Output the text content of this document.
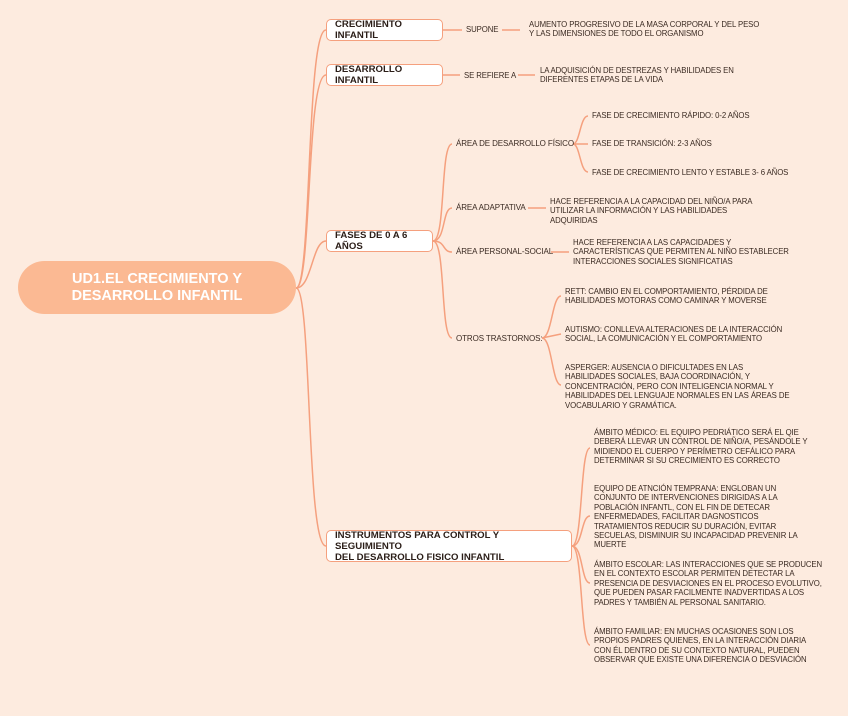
UD1.EL CRECIMIENTO Y DESARROLLO INFANTIL
CRECIMIENTO INFANTIL
SUPONE
AUMENTO PROGRESIVO DE LA MASA CORPORAL Y DEL PESO
Y LAS DIMENSIONES DE TODO EL ORGANISMO
DESARROLLO INFANTIL	SE REFIERE A
LA ADQUISICIÓN DE DESTREZAS Y HABILIDADES EN
DIFERENTES ETAPAS DE LA VIDA
FASES DE 0 A 6 AÑOS
ÁREA DE DESARROLLO FÍSICO
FASE DE CRECIMIENTO RÁPIDO: 0-2 AÑOS
FASE DE TRANSICIÓN: 2-3 AÑOS
FASE DE CRECIMIENTO LENTO Y ESTABLE 3- 6 AÑOS
ÁREA ADAPTATIVA
HACE REFERENCIA A LA CAPACIDAD DEL NIÑO/A PARA
UTILIZAR LA INFORMACIÓN Y LAS HABILIDADES
ADQUIRIDAS
ÁREA PERSONAL-SOCIAL
HACE REFERENCIA A LAS CAPACIDADES Y
CARACTERÍSTICAS QUE PERMITEN AL NIÑO ESTABLECER
INTERACCIONES SOCIALES SIGNIFICATIAS
OTROS TRASTORNOS:
RETT: CAMBIO EN EL COMPORTAMIENTO, PÉRDIDA DE
HABILIDADES MOTORAS COMO CAMINAR Y MOVERSE
AUTISMO: CONLLEVA ALTERACIONES DE LA INTERACCIÓN
SOCIAL, LA COMUNICACIÓN Y EL COMPORTAMIENTO
ASPERGER: AUSENCIA O DIFICULTADES EN LAS
HABILIDADES SOCIALES, BAJA COORDINACIÓN, Y
CONCENTRACIÓN, PERO CON INTELIGENCIA NORMAL Y
HABILIDADES DEL LENGUAJE NORMALES EN LAS ÁREAS DE
VOCABULARIO Y GRAMÁTICA.
INSTRUMENTOS PARA CONTROL Y SEGUIMIENTO
DEL DESARROLLO FISICO INFANTIL
ÁMBITO MÉDICO: EL EQUIPO PEDRIÁTICO SERÁ EL QIE
DEBERÁ LLEVAR UN CONTROL DE NIÑO/A, PESÁNDOLE Y
MIDIENDO EL CUERPO Y PERÍMETRO CEFÁLICO PARA
DETERMINAR SI SU CRECIMIENTO ES CORRECTO
EQUIPO DE ATNCIÓN TEMPRANA: ENGLOBAN UN
CONJUNTO DE INTERVENCIONES DIRIGIDAS A LA
POBLACIÓN INFANTL, CON EL FIN DE DETECAR
ENFERMEDADES, FACILITAR DAGNOSTICOS
TRATAMIENTOS REDUCIR SU DURACIÓN, EVITAR
SECUELAS, DISMINUIR SU INCAPACIDAD PREVENIR LA
MUERTE
ÁMBITO ESCOLAR: LAS INTERACCIONES QUE SE PRODUCEN
EN EL CONTEXTO ESCOLAR PERMITEN DETECTAR LA
PRESENCIA DE DESVIACIONES EN EL PROCESO EVOLUTIVO,
QUE PUEDEN PASAR FACILMENTE INADVERTIDAS A LOS
PADRES Y TAMBIÉN AL PERSONAL SANITARIO.
ÁMBITO FAMILIAR: EN MUCHAS OCASIONES SON LOS
PROPIOS PADRES QUIENES, EN LA INTERACCIÓN DIARIA
CON ÉL DENTRO DE SU CONTEXTO NATURAL, PUEDEN
OBSERVAR QUE EXISTE UNA DIFERENCIA O DESVIACIÓN
